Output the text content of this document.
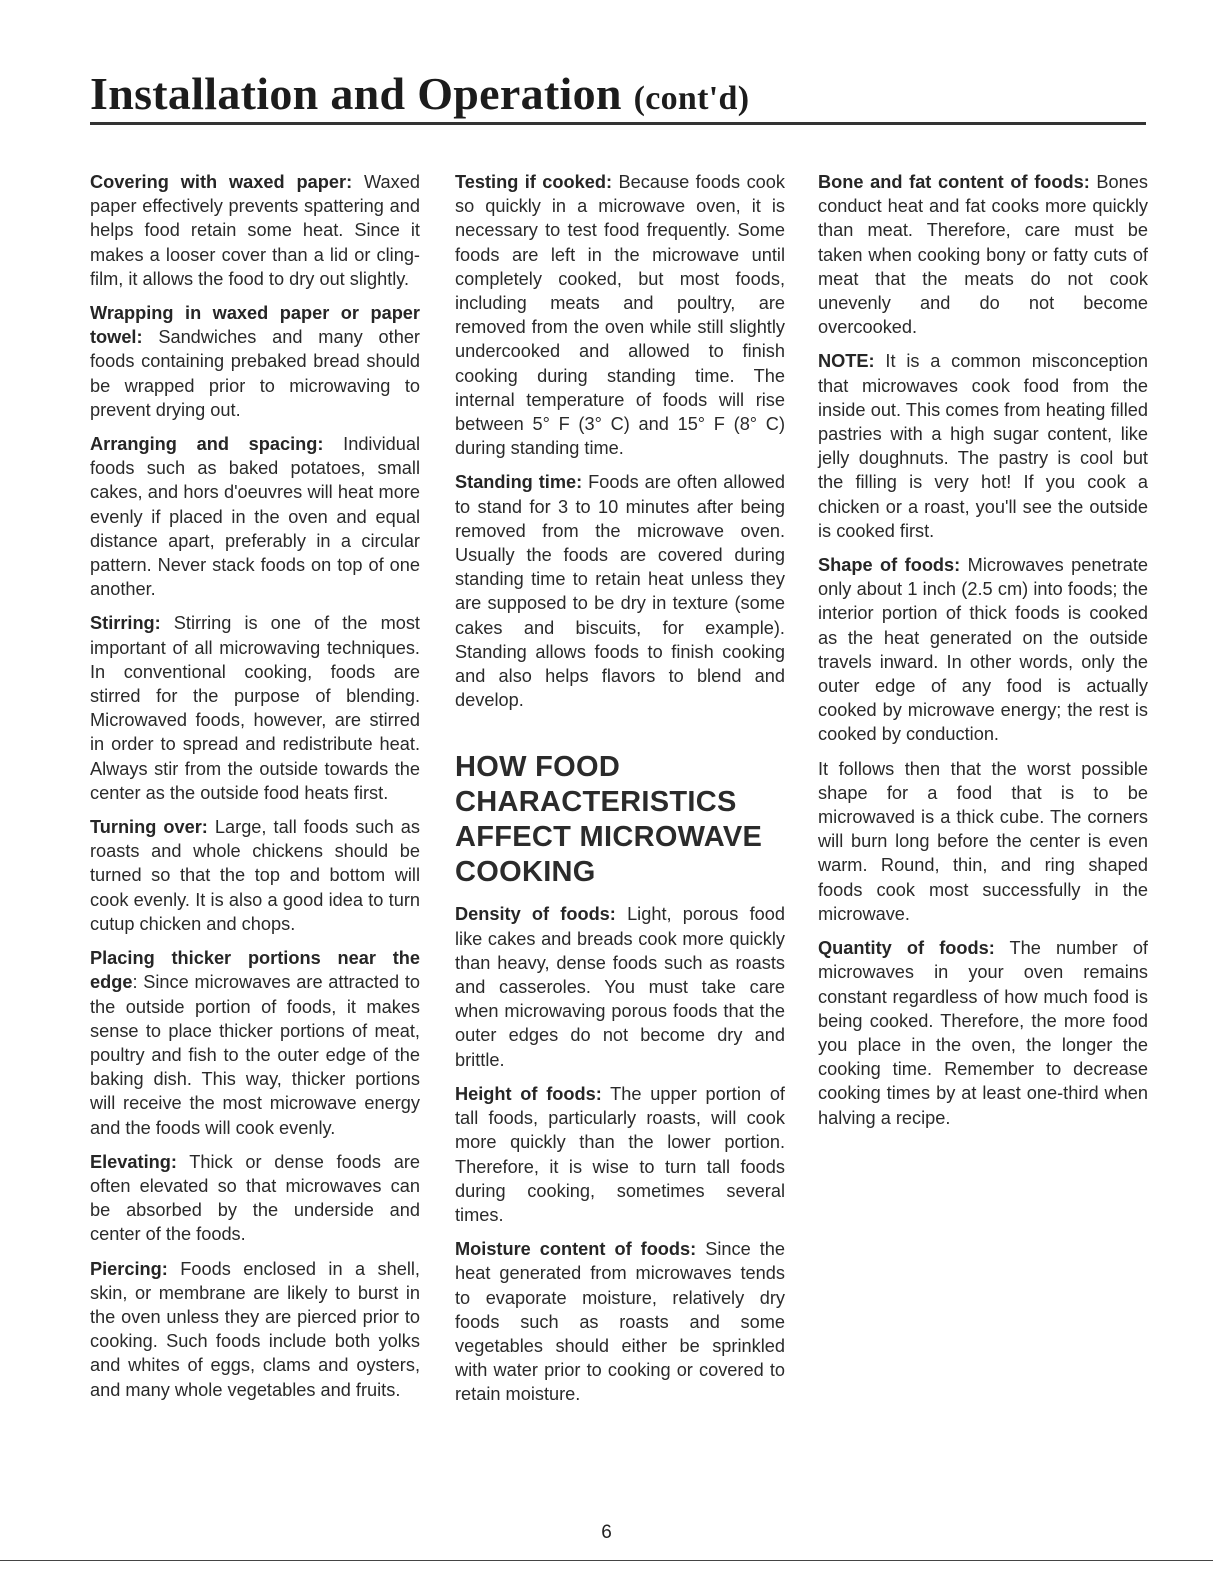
Installation and Operation (cont'd)

Covering with waxed paper: Waxed paper effectively prevents spattering and helps food retain some heat. Since it makes a looser cover than a lid or cling-film, it allows the food to dry out slightly.

Wrapping in waxed paper or paper towel: Sandwiches and many other foods containing prebaked bread should be wrapped prior to microwaving to prevent drying out.

Arranging and spacing: Individual foods such as baked potatoes, small cakes, and hors d'oeuvres will heat more evenly if placed in the oven and equal distance apart, preferably in a circular pattern. Never stack foods on top of one another.

Stirring: Stirring is one of the most important of all microwaving techniques. In conventional cooking, foods are stirred for the purpose of blending. Microwaved foods, however, are stirred in order to spread and redistribute heat. Always stir from the outside towards the center as the outside food heats first.

Turning over: Large, tall foods such as roasts and whole chickens should be turned so that the top and bottom will cook evenly. It is also a good idea to turn cutup chicken and chops.

Placing thicker portions near the edge: Since microwaves are attracted to the outside portion of foods, it makes sense to place thicker portions of meat, poultry and fish to the outer edge of the baking dish. This way, thicker portions will receive the most microwave energy and the foods will cook evenly.

Elevating: Thick or dense foods are often elevated so that microwaves can be absorbed by the underside and center of the foods.

Piercing: Foods enclosed in a shell, skin, or membrane are likely to burst in the oven unless they are pierced prior to cooking. Such foods include both yolks and whites of eggs, clams and oysters, and many whole vegetables and fruits.

Testing if cooked: Because foods cook so quickly in a microwave oven, it is necessary to test food frequently. Some foods are left in the microwave until completely cooked, but most foods, including meats and poultry, are removed from the oven while still slightly undercooked and allowed to finish cooking during standing time. The internal temperature of foods will rise between 5° F (3° C) and 15° F (8° C) during standing time.

Standing time: Foods are often allowed to stand for 3 to 10 minutes after being removed from the microwave oven. Usually the foods are covered during standing time to retain heat unless they are supposed to be dry in texture (some cakes and biscuits, for example). Standing allows foods to finish cooking and also helps flavors to blend and develop.

HOW FOOD CHARACTERISTICS AFFECT MICROWAVE COOKING

Density of foods: Light, porous food like cakes and breads cook more quickly than heavy, dense foods such as roasts and casseroles. You must take care when microwaving porous foods that the outer edges do not become dry and brittle.

Height of foods: The upper portion of tall foods, particularly roasts, will cook more quickly than the lower portion. Therefore, it is wise to turn tall foods during cooking, sometimes several times.

Moisture content of foods: Since the heat generated from microwaves tends to evaporate moisture, relatively dry foods such as roasts and some vegetables should either be sprinkled with water prior to cooking or covered to retain moisture.

Bone and fat content of foods: Bones conduct heat and fat cooks more quickly than meat. Therefore, care must be taken when cooking bony or fatty cuts of meat that the meats do not cook unevenly and do not become overcooked.

NOTE: It is a common misconception that microwaves cook food from the inside out. This comes from heating filled pastries with a high sugar content, like jelly doughnuts. The pastry is cool but the filling is very hot! If you cook a chicken or a roast, you'll see the outside is cooked first.

Shape of foods: Microwaves penetrate only about 1 inch (2.5 cm) into foods; the interior portion of thick foods is cooked as the heat generated on the outside travels inward. In other words, only the outer edge of any food is actually cooked by microwave energy; the rest is cooked by conduction.

It follows then that the worst possible shape for a food that is to be microwaved is a thick cube. The corners will burn long before the center is even warm. Round, thin, and ring shaped foods cook most successfully in the microwave.

Quantity of foods: The number of microwaves in your oven remains constant regardless of how much food is being cooked. Therefore, the more food you place in the oven, the longer the cooking time. Remember to decrease cooking times by at least one-third when halving a recipe.

6
